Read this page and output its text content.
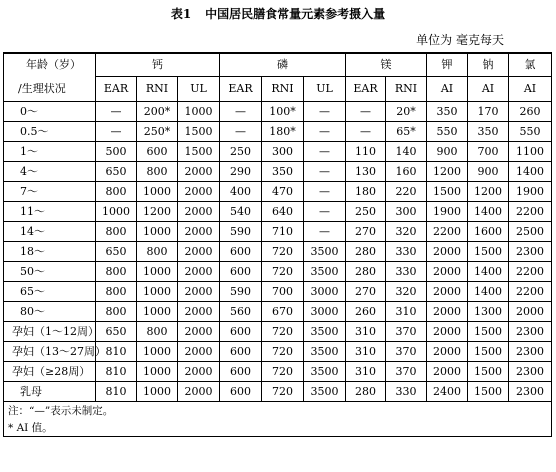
表1 中国居民膳食常量元素参考摄入量
单位为 毫克每天
年龄（岁）	钙			磷			镁		钾	钠	氯
/生理状况	EAR	RNI	UL	EAR	RNI	UL	EAR	RNI	AI	AI	AI
0～	—	200*	1000	—	100*	—	—	20*	350	170	260
0.5～	—	250*	1500	—	180*	—	—	65*	550	350	550
1～	500	600	1500	250	300	—	110	140	900	700	1100
4～	650	800	2000	290	350	—	130	160	1200	900	1400
7～	800	1000	2000	400	470	—	180	220	1500	1200	1900
11～	1000	1200	2000	540	640	—	250	300	1900	1400	2200
14～	800	1000	2000	590	710	—	270	320	2200	1600	2500
18～	650	800	2000	600	720	3500	280	330	2000	1500	2300
50～	800	1000	2000	600	720	3500	280	330	2000	1400	2200
65～	800	1000	2000	590	700	3000	270	320	2000	1400	2200
80～	800	1000	2000	560	670	3000	260	310	2000	1300	2000
孕妇（1～12周）	650	800	2000	600	720	3500	310	370	2000	1500	2300
孕妇（13～27周）	810	1000	2000	600	720	3500	310	370	2000	1500	2300
孕妇（≥28周）	810	1000	2000	600	720	3500	310	370	2000	1500	2300
乳母	810	1000	2000	600	720	3500	280	330	2400	1500	2300
注：“—”表示未制定。											
* AI 值。											
